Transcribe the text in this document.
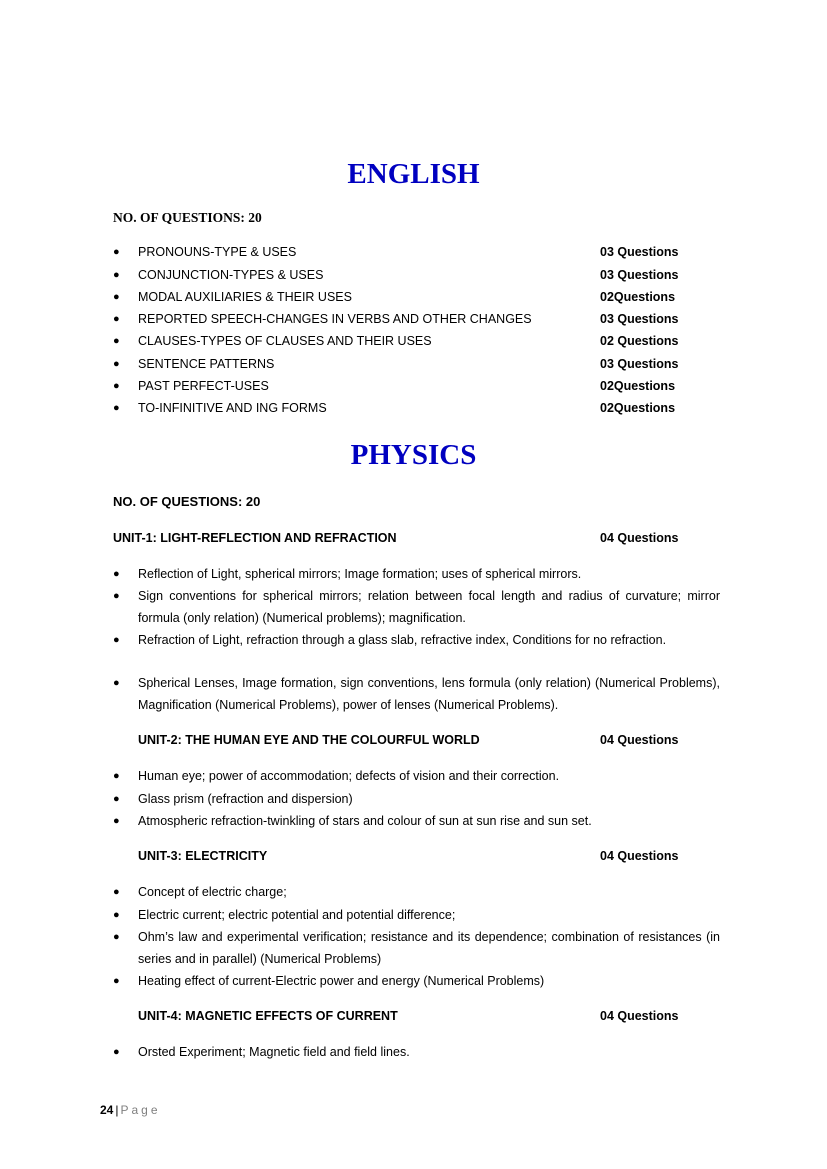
ENGLISH
NO. OF QUESTIONS: 20
●	PRONOUNS-TYPE & USES	03 Questions
●	CONJUNCTION-TYPES & USES	03 Questions
●	MODAL AUXILIARIES & THEIR USES	02Questions
●	REPORTED SPEECH-CHANGES IN VERBS AND OTHER CHANGES	03 Questions
●	CLAUSES-TYPES OF CLAUSES AND THEIR USES	02 Questions
●	SENTENCE PATTERNS	03 Questions
●	PAST PERFECT-USES	02Questions
●	TO-INFINITIVE AND ING FORMS	02Questions
PHYSICS
NO. OF QUESTIONS: 20
UNIT-1: LIGHT-REFLECTION AND REFRACTION	04 Questions
● Reflection of Light, spherical mirrors; Image formation; uses of spherical mirrors.
● Sign conventions for spherical mirrors; relation between focal length and radius of curvature; mirror formula (only relation) (Numerical problems); magnification.
● Refraction of Light, refraction through a glass slab, refractive index, Conditions for no refraction.
● Spherical Lenses, Image formation, sign conventions, lens formula (only relation) (Numerical Problems), Magnification (Numerical Problems), power of lenses (Numerical Problems).
UNIT-2: THE HUMAN EYE AND THE COLOURFUL WORLD	04 Questions
● Human eye; power of accommodation; defects of vision and their correction.
● Glass prism (refraction and dispersion)
● Atmospheric refraction-twinkling of stars and colour of sun at sun rise and sun set.
UNIT-3: ELECTRICITY	04 Questions
● Concept of electric charge;
● Electric current; electric potential and potential difference;
● Ohm’s law and experimental verification; resistance and its dependence; combination of resistances (in series and in parallel) (Numerical Problems)
● Heating effect of current-Electric power and energy (Numerical Problems)
UNIT-4: MAGNETIC EFFECTS OF CURRENT	04 Questions
● Orsted Experiment; Magnetic field and field lines.
24 | Page
